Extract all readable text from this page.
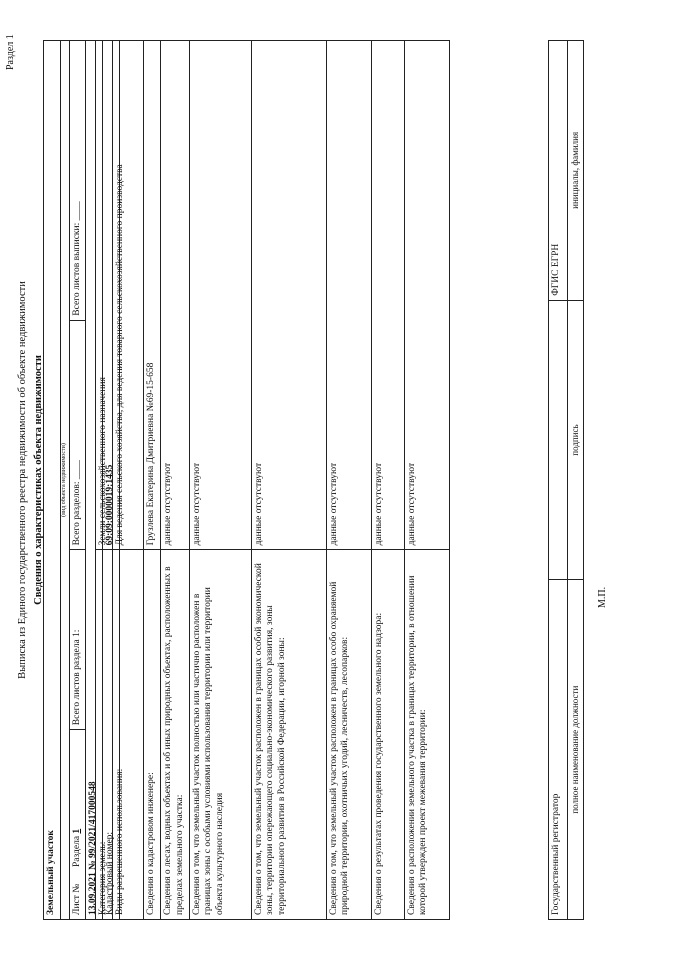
Раздел 1
Выписка из Единого государственного реестра недвижимости об объекте недвижимости Сведения о характеристиках объекта недвижимости
Земельный участок			
(вид объекта недвижимости)			
Лист №       Раздела 1	Всего листов раздела 1:	Всего разделов: ____	Всего листов выписки: ____
13.09.2021 № 99/2021/417000548			
Кадастровый номер:		69:09:0000019:1435	
Категория земель:	Земли сельскохозяйственного назначения
Виды разрешенного использования:	Для ведения сельского хозяйства, для ведения товарного сельскохозяйственного производства
Сведения о кадастровом инженере:	Грузлева Екатерина Дмитриевна №69-15-658
Сведения о лесах, водных объектах и об иных природных объектах, расположенных в пределах земельного участка:	данные отсутствуют
Сведения о том, что земельный участок полностью или частично расположен в границах зоны с особыми условиями использования территории или территории объекта культурного наследия	данные отсутствуют
Сведения о том, что земельный участок расположен в границах особой экономической зоны, территории опережающего социально-экономического развития, зоны территориального развития в Российской Федерации, игорной зоны:	данные отсутствуют
Сведения о том, что земельный участок расположен в границах особо охраняемой природной территории, охотничьих угодий, лесничеств, лесопарков:	данные отсутствуют
Сведения о результатах проведения государственного земельного надзора:	данные отсутствуют
Сведения о расположении земельного участка в границах территории, в отношении которой утвержден проект межевания территории:	данные отсутствуют
Государственный регистратор		ФГИС ЕГРН
полное наименование должности	подпись	инициалы, фамилия
М.П.
